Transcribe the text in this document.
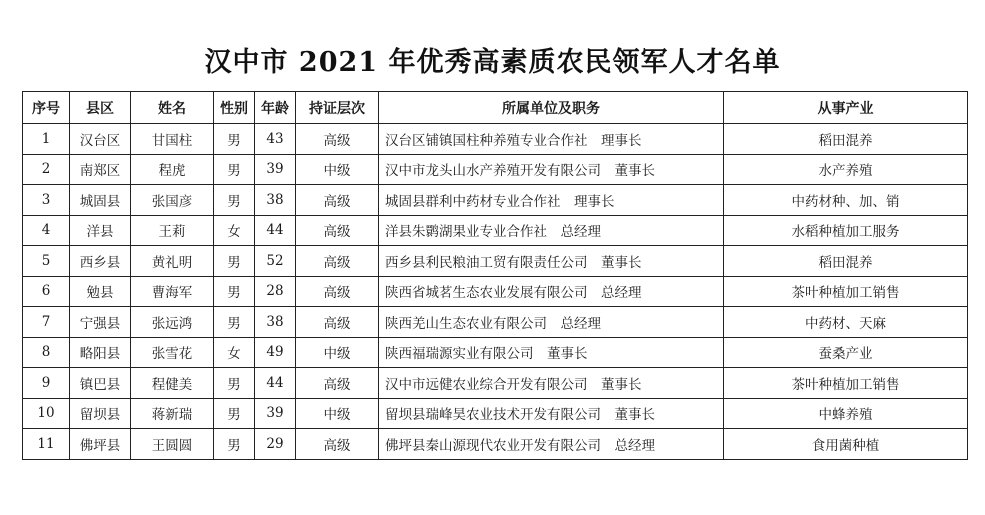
汉中市 2021 年优秀高素质农民领军人才名单
序号	县区	姓名	性别	年龄	持证层次	所属单位及职务	从事产业
1	汉台区	甘国柱	男	43	高级	汉台区铺镇国柱种养殖专业合作社　理事长	稻田混养
2	南郑区	程虎	男	39	中级	汉中市龙头山水产养殖开发有限公司　董事长	水产养殖
3	城固县	张国彦	男	38	高级	城固县群利中药材专业合作社　理事长	中药材种、加、销
4	洋县	王莉	女	44	高级	洋县朱鹮湖果业专业合作社　总经理	水稻种植加工服务
5	西乡县	黄礼明	男	52	高级	西乡县利民粮油工贸有限责任公司　董事长	稻田混养
6	勉县	曹海军	男	28	高级	陕西省城茗生态农业发展有限公司　总经理	茶叶种植加工销售
7	宁强县	张远鸿	男	38	高级	陕西羌山生态农业有限公司　总经理	中药材、天麻
8	略阳县	张雪花	女	49	中级	陕西福瑞源实业有限公司　董事长	蚕桑产业
9	镇巴县	程健美	男	44	高级	汉中市远健农业综合开发有限公司　董事长	茶叶种植加工销售
10	留坝县	蒋新瑞	男	39	中级	留坝县瑞峰昊农业技术开发有限公司　董事长	中蜂养殖
11	佛坪县	王圆圆	男	29	高级	佛坪县秦山源现代农业开发有限公司　总经理	食用菌种植
